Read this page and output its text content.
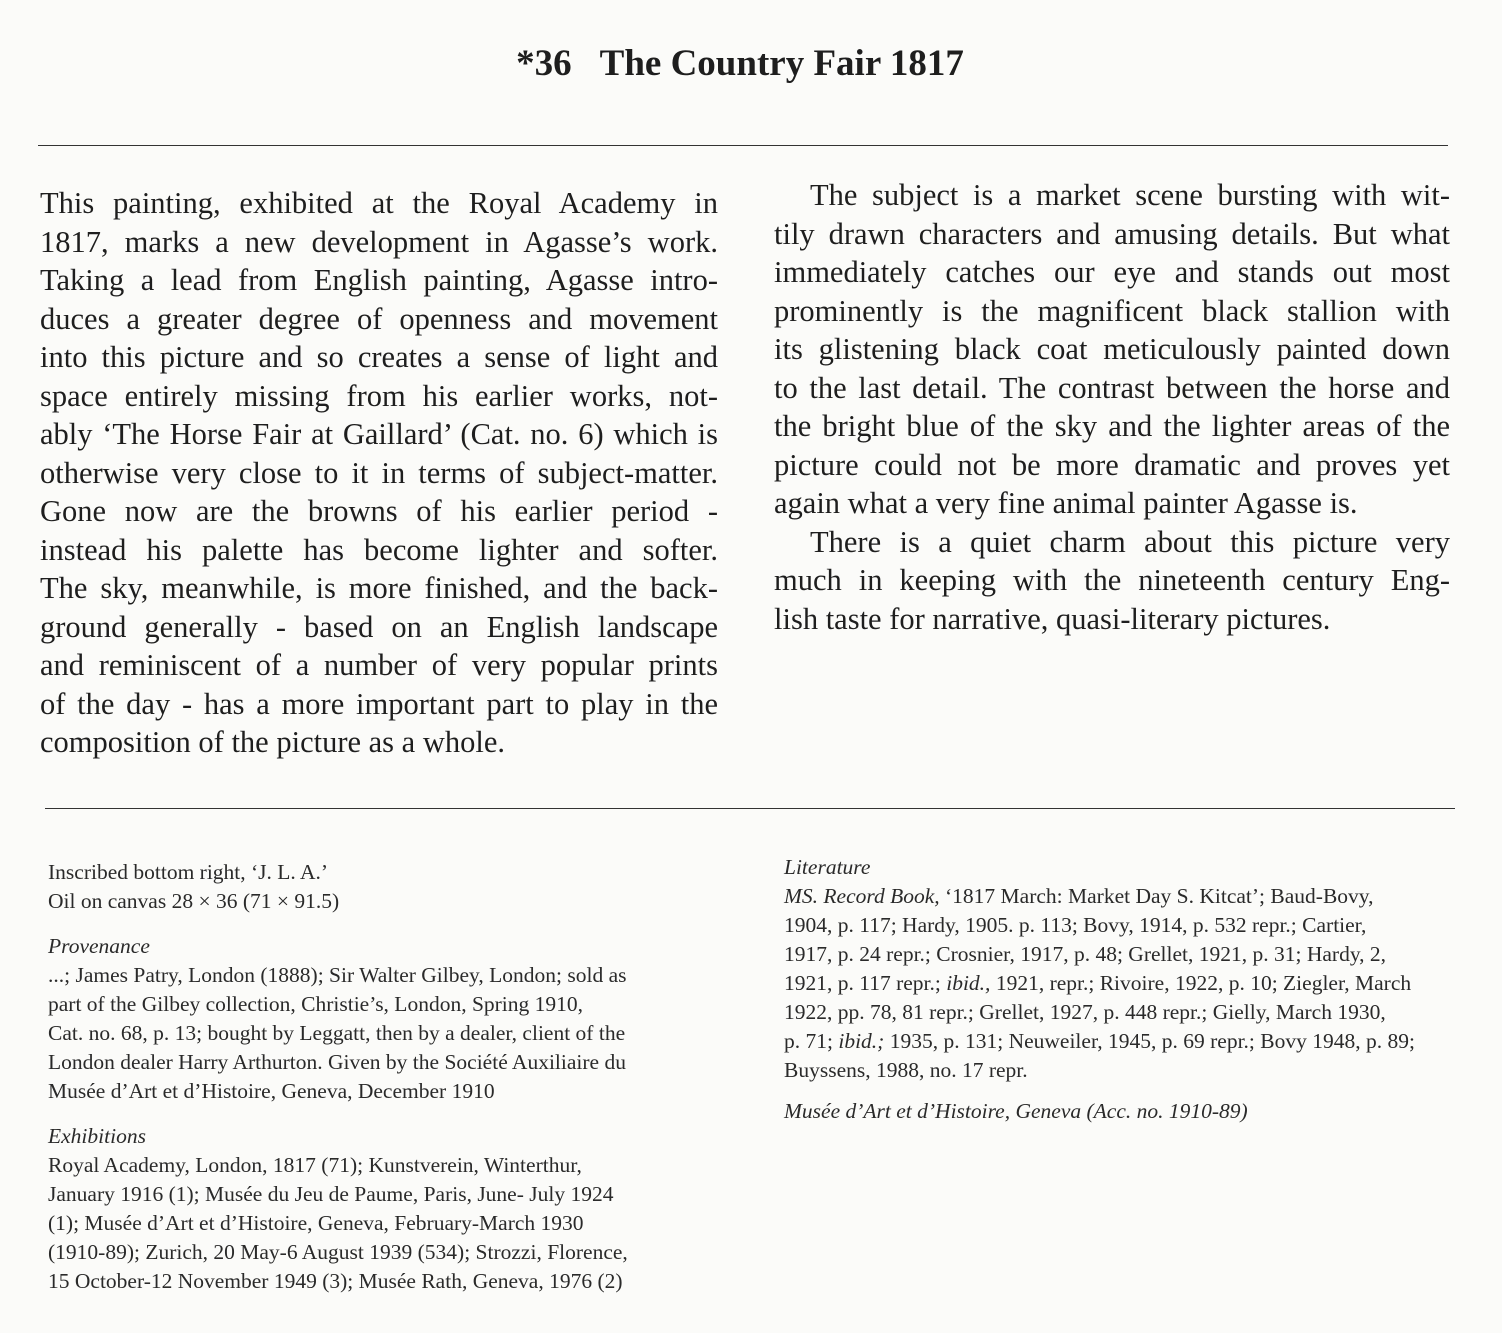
*36 The Country Fair 1817
This painting, exhibited at the Royal Academy in
1817, marks a new development in Agasse’s work.
Taking a lead from English painting, Agasse intro-
duces a greater degree of openness and movement
into this picture and so creates a sense of light and
space entirely missing from his earlier works, not-
ably ‘The Horse Fair at Gaillard’ (Cat. no. 6) which is
otherwise very close to it in terms of subject-matter.
Gone now are the browns of his earlier period -
instead his palette has become lighter and softer.
The sky, meanwhile, is more finished, and the back-
ground generally - based on an English landscape
and reminiscent of a number of very popular prints
of the day - has a more important part to play in the
composition of the picture as a whole.
The subject is a market scene bursting with wit-
tily drawn characters and amusing details. But what
immediately catches our eye and stands out most
prominently is the magnificent black stallion with
its glistening black coat meticulously painted down
to the last detail. The contrast between the horse and
the bright blue of the sky and the lighter areas of the
picture could not be more dramatic and proves yet
again what a very fine animal painter Agasse is.
There is a quiet charm about this picture very
much in keeping with the nineteenth century Eng-
lish taste for narrative, quasi-literary pictures.
Inscribed bottom right, ‘J. L. A.’
Oil on canvas 28 × 36 (71 × 91.5)
Provenance
...; James Patry, London (1888); Sir Walter Gilbey, London; sold as
part of the Gilbey collection, Christie’s, London, Spring 1910,
Cat. no. 68, p. 13; bought by Leggatt, then by a dealer, client of the
London dealer Harry Arthurton. Given by the Société Auxiliaire du
Musée d’Art et d’Histoire, Geneva, December 1910
Exhibitions
Royal Academy, London, 1817 (71); Kunstverein, Winterthur,
January 1916 (1); Musée du Jeu de Paume, Paris, June- July 1924
(1); Musée d’Art et d’Histoire, Geneva, February-March 1930
(1910-89); Zurich, 20 May-6 August 1939 (534); Strozzi, Florence,
15 October-12 November 1949 (3); Musée Rath, Geneva, 1976 (2)
Literature
MS. Record Book, ‘1817 March: Market Day S. Kitcat’; Baud-Bovy,
1904, p. 117; Hardy, 1905. p. 113; Bovy, 1914, p. 532 repr.; Cartier,
1917, p. 24 repr.; Crosnier, 1917, p. 48; Grellet, 1921, p. 31; Hardy, 2,
1921, p. 117 repr.; ibid., 1921, repr.; Rivoire, 1922, p. 10; Ziegler, March
1922, pp. 78, 81 repr.; Grellet, 1927, p. 448 repr.; Gielly, March 1930,
p. 71; ibid.; 1935, p. 131; Neuweiler, 1945, p. 69 repr.; Bovy 1948, p. 89;
Buyssens, 1988, no. 17 repr.
Musée d’Art et d’Histoire, Geneva (Acc. no. 1910-89)
